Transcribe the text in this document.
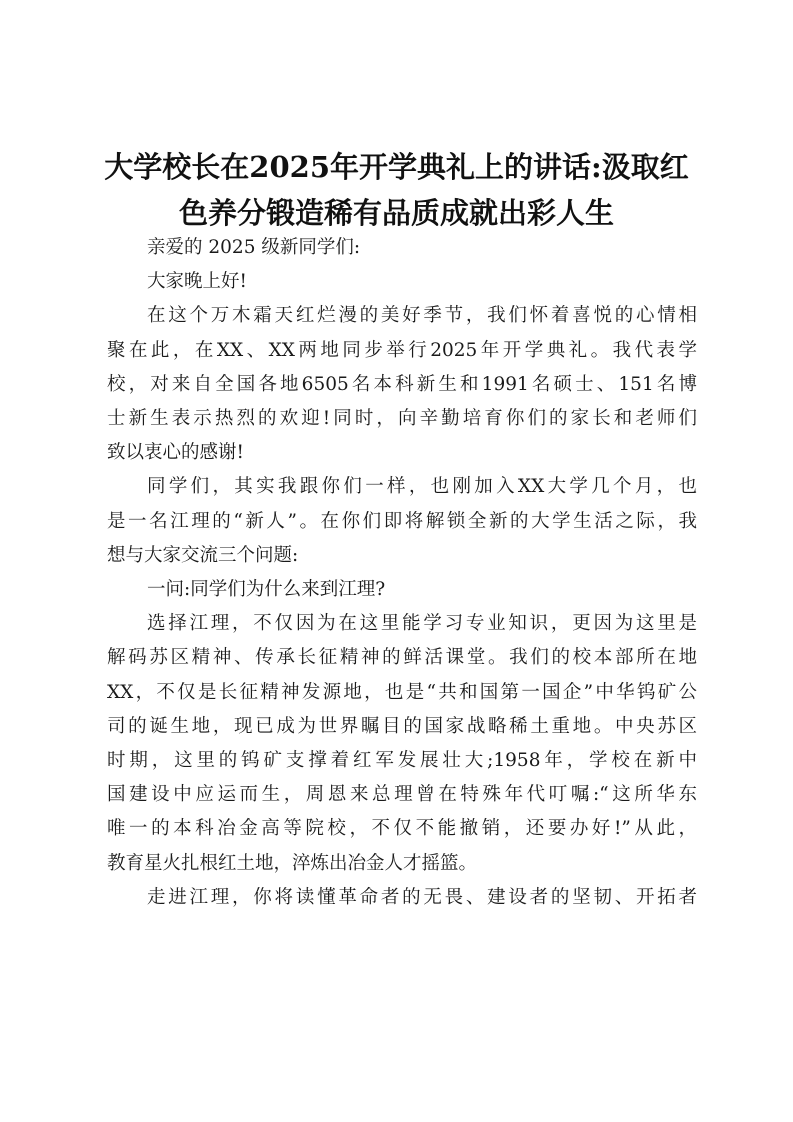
大学校长在2025年开学典礼上的讲话:汲取红
色养分锻造稀有品质成就出彩人生

亲爱的 2025 级新同学们:

大家晚上好!

在这个万木霜天红烂漫的美好季节，我们怀着喜悦的心情相
聚在此，在XX、XX两地同步举行2025年开学典礼。我代表学
校，对来自全国各地6505名本科新生和1991名硕士、151名博
士新生表示热烈的欢迎!同时，向辛勤培育你们的家长和老师们
致以衷心的感谢!

同学们，其实我跟你们一样，也刚加入XX大学几个月，也
是一名江理的“新人”。在你们即将解锁全新的大学生活之际，我
想与大家交流三个问题:

一问:同学们为什么来到江理?

选择江理，不仅因为在这里能学习专业知识，更因为这里是
解码苏区精神、传承长征精神的鲜活课堂。我们的校本部所在地
XX，不仅是长征精神发源地，也是“共和国第一国企”中华钨矿公
司的诞生地，现已成为世界瞩目的国家战略稀土重地。中央苏区
时期，这里的钨矿支撑着红军发展壮大;1958年，学校在新中
国建设中应运而生，周恩来总理曾在特殊年代叮嘱:“这所华东
唯一的本科冶金高等院校，不仅不能撤销，还要办好!”从此，
教育星火扎根红土地，淬炼出冶金人才摇篮。

走进江理，你将读懂革命者的无畏、建设者的坚韧、开拓者
